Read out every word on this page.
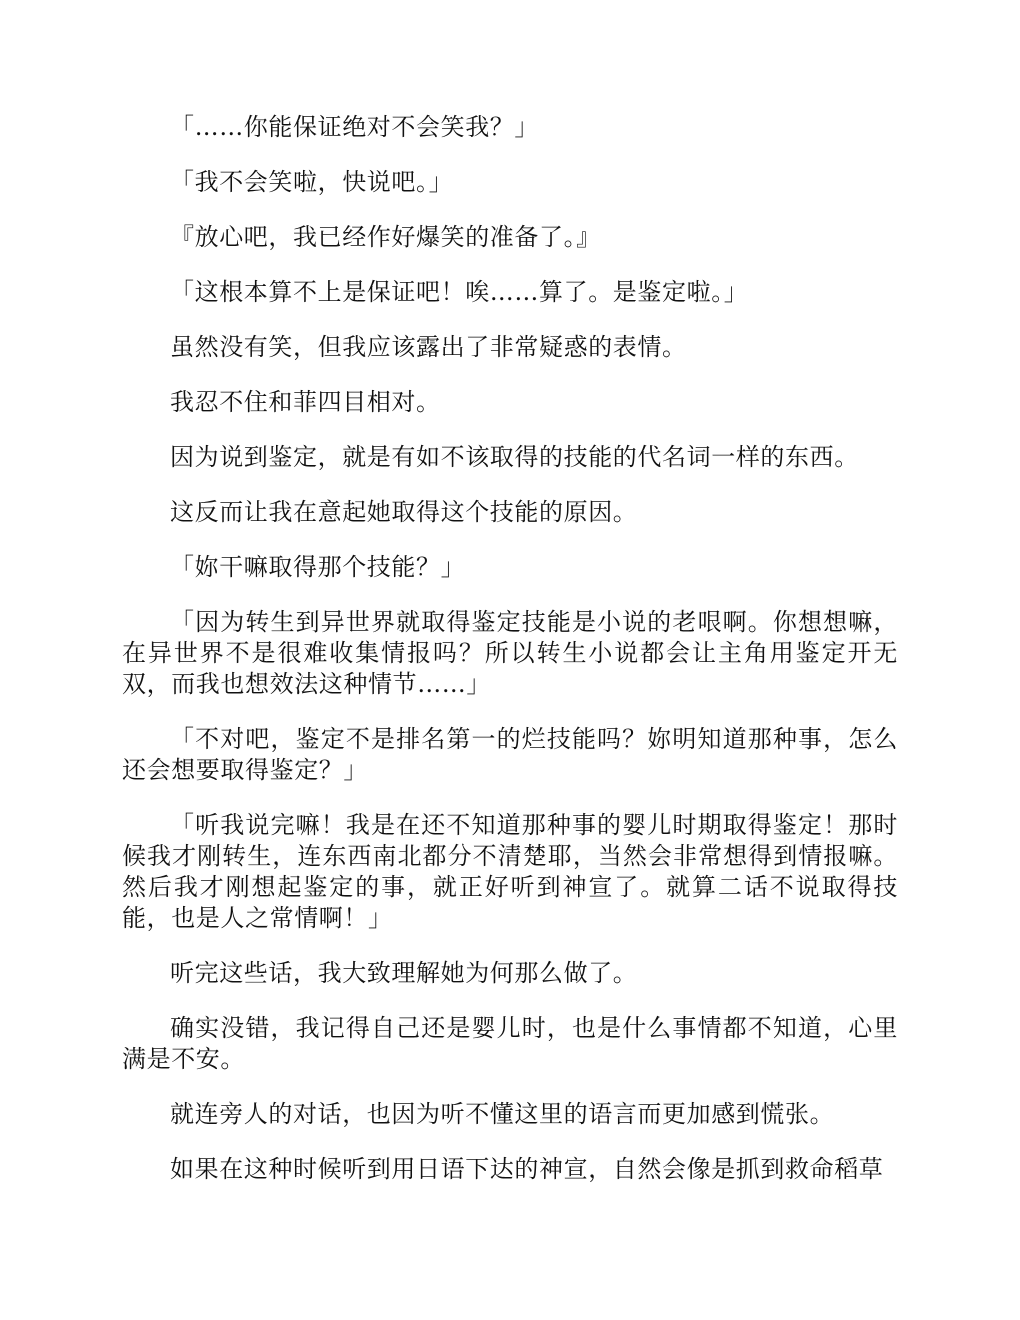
「……你能保证绝对不会笑我？」

「我不会笑啦，快说吧。」

『放心吧，我已经作好爆笑的准备了。』

「这根本算不上是保证吧！唉……算了。是鉴定啦。」

虽然没有笑，但我应该露出了非常疑惑的表情。

我忍不住和菲四目相对。

因为说到鉴定，就是有如不该取得的技能的代名词一样的东西。

这反而让我在意起她取得这个技能的原因。

「妳干嘛取得那个技能？」

「因为转生到异世界就取得鉴定技能是小说的老哏啊。你想想嘛，在异世界不是很难收集情报吗？所以转生小说都会让主角用鉴定开无双，而我也想效法这种情节……」

「不对吧，鉴定不是排名第一的烂技能吗？妳明知道那种事，怎么还会想要取得鉴定？」

「听我说完嘛！我是在还不知道那种事的婴儿时期取得鉴定！那时候我才刚转生，连东西南北都分不清楚耶，当然会非常想得到情报嘛。然后我才刚想起鉴定的事，就正好听到神宣了。就算二话不说取得技能，也是人之常情啊！」

听完这些话，我大致理解她为何那么做了。

确实没错，我记得自己还是婴儿时，也是什么事情都不知道，心里满是不安。

就连旁人的对话，也因为听不懂这里的语言而更加感到慌张。

如果在这种时候听到用日语下达的神宣，自然会像是抓到救命稻草
